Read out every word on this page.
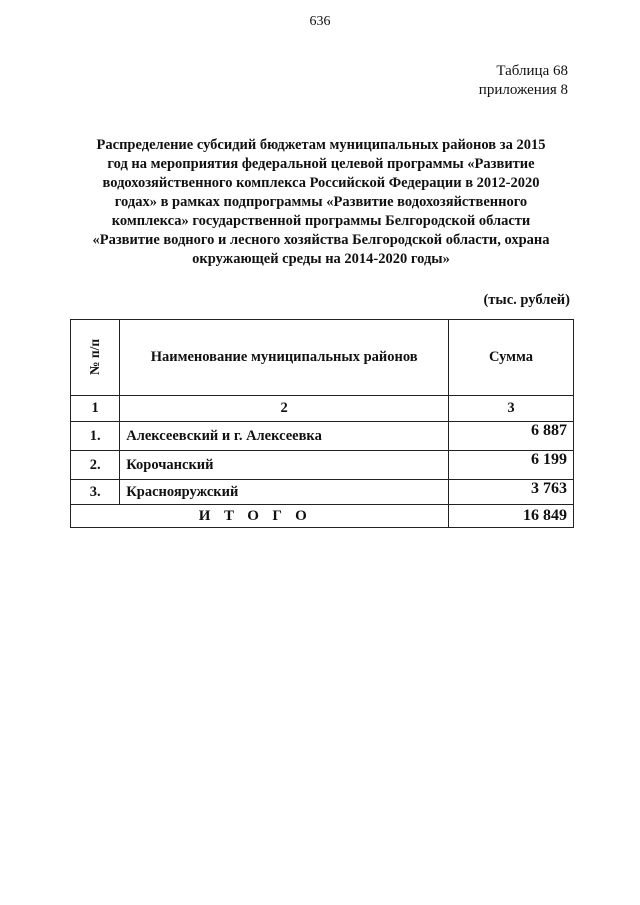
636
Таблица 68
приложения 8
Распределение субсидий бюджетам муниципальных районов за 2015
год на мероприятия федеральной целевой программы «Развитие
водохозяйственного комплекса Российской Федерации в 2012-2020
годах» в рамках подпрограммы «Развитие водохозяйственного
комплекса» государственной программы Белгородской области
«Развитие водного и лесного хозяйства Белгородской области, охрана
окружающей среды на 2014-2020 годы»
(тыс. рублей)
№ п/п	Наименование муниципальных районов	Сумма
1	2	3
1.	Алексеевский и г. Алексеевка	6 887
2.	Корочанский	6 199
3.	Краснояружский	3 763
ИТОГО		16 849
